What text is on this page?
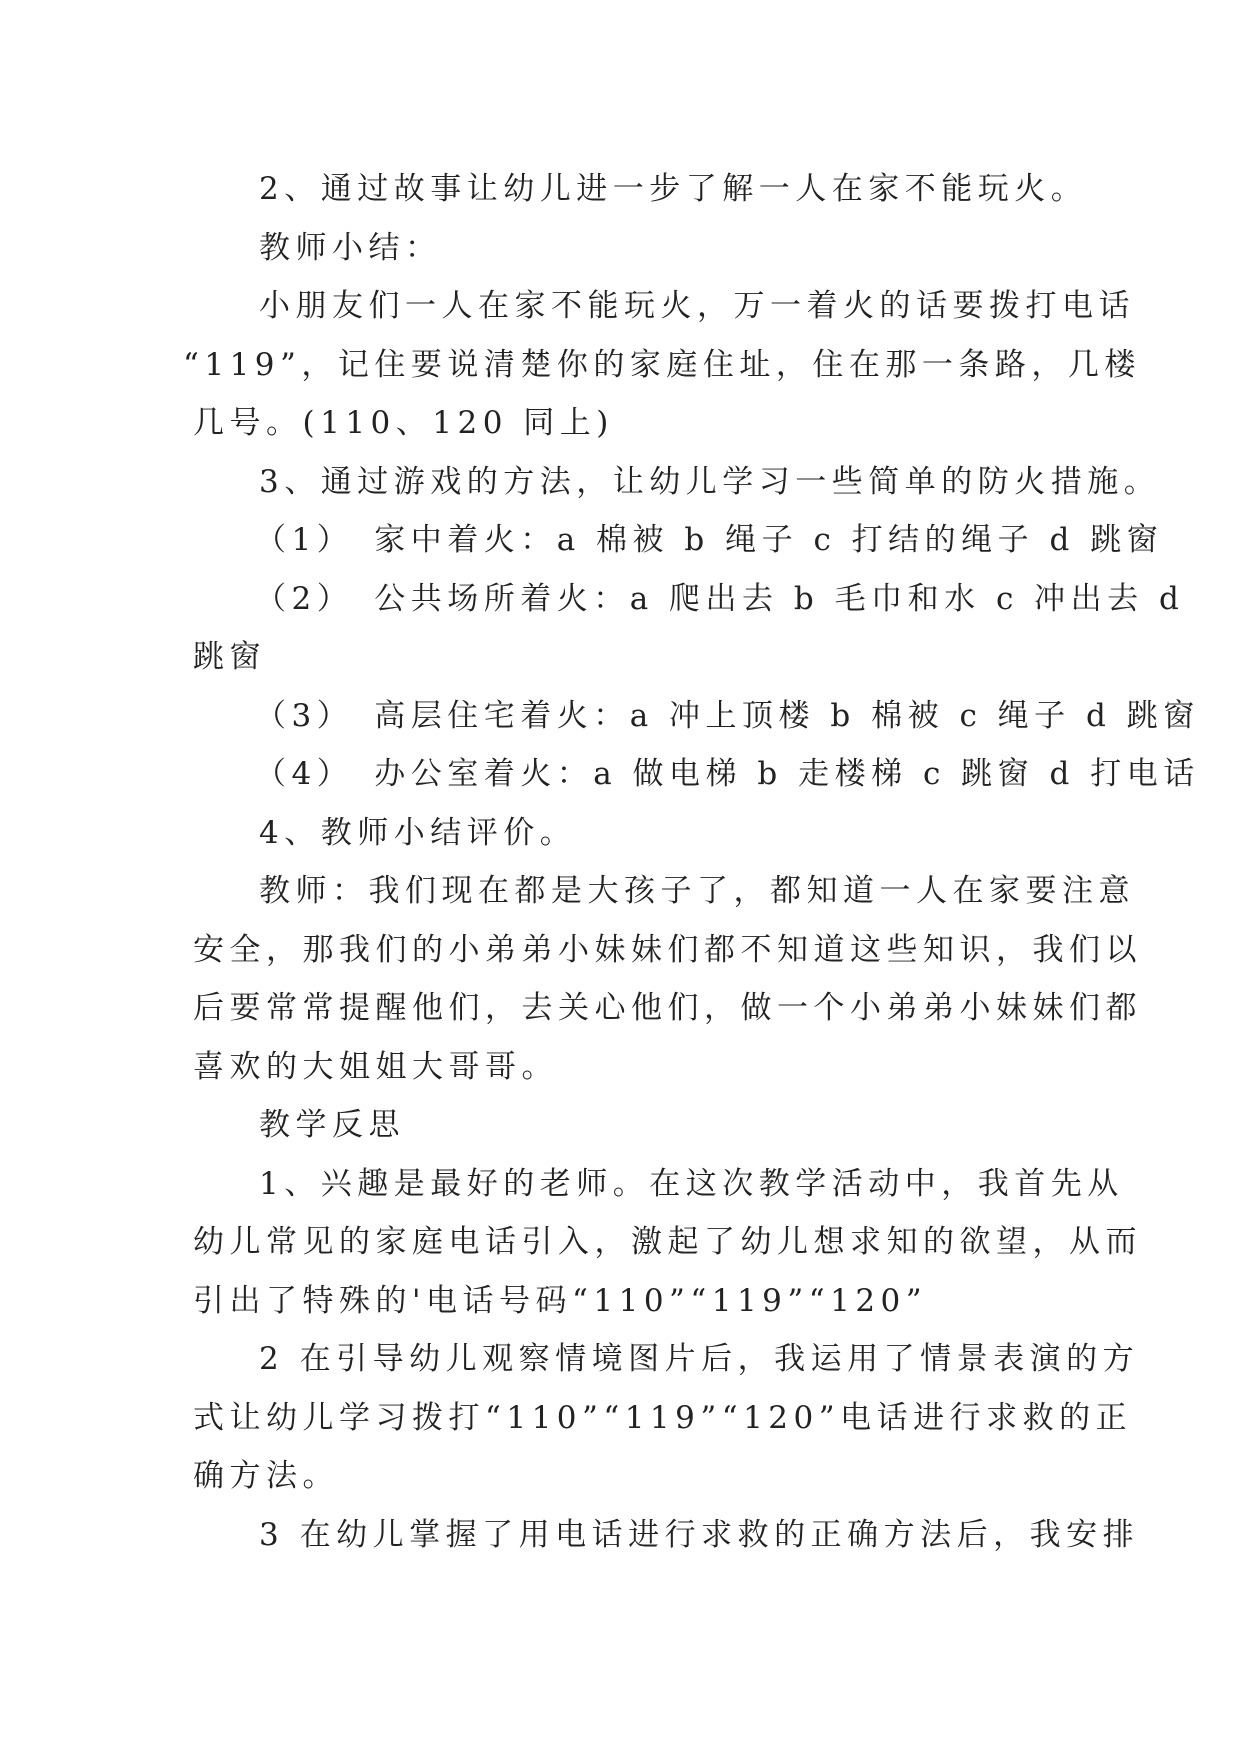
2、通过故事让幼儿进一步了解一人在家不能玩火。

教师小结：

小朋友们一人在家不能玩火，万一着火的话要拨打电话
“119”，记住要说清楚你的家庭住址，住在那一条路，几楼
几号。(110、120 同上)

3、通过游戏的方法，让幼儿学习一些简单的防火措施。

（1）　家中着火：a 棉被 b 绳子 c 打结的绳子 d 跳窗

（2）　公共场所着火：a 爬出去 b 毛巾和水 c 冲出去 d
跳窗

（3）　高层住宅着火：a 冲上顶楼 b 棉被 c 绳子 d 跳窗

（4）　办公室着火：a 做电梯 b 走楼梯 c 跳窗 d 打电话

4、教师小结评价。

教师：我们现在都是大孩子了，都知道一人在家要注意
安全，那我们的小弟弟小妹妹们都不知道这些知识，我们以
后要常常提醒他们，去关心他们，做一个小弟弟小妹妹们都
喜欢的大姐姐大哥哥。

教学反思

1、兴趣是最好的老师。在这次教学活动中，我首先从
幼儿常见的家庭电话引入，激起了幼儿想求知的欲望，从而
引出了特殊的'电话号码“110”“119”“120”

2 在引导幼儿观察情境图片后，我运用了情景表演的方
式让幼儿学习拨打“110”“119”“120”电话进行求救的正
确方法。

3 在幼儿掌握了用电话进行求救的正确方法后，我安排
